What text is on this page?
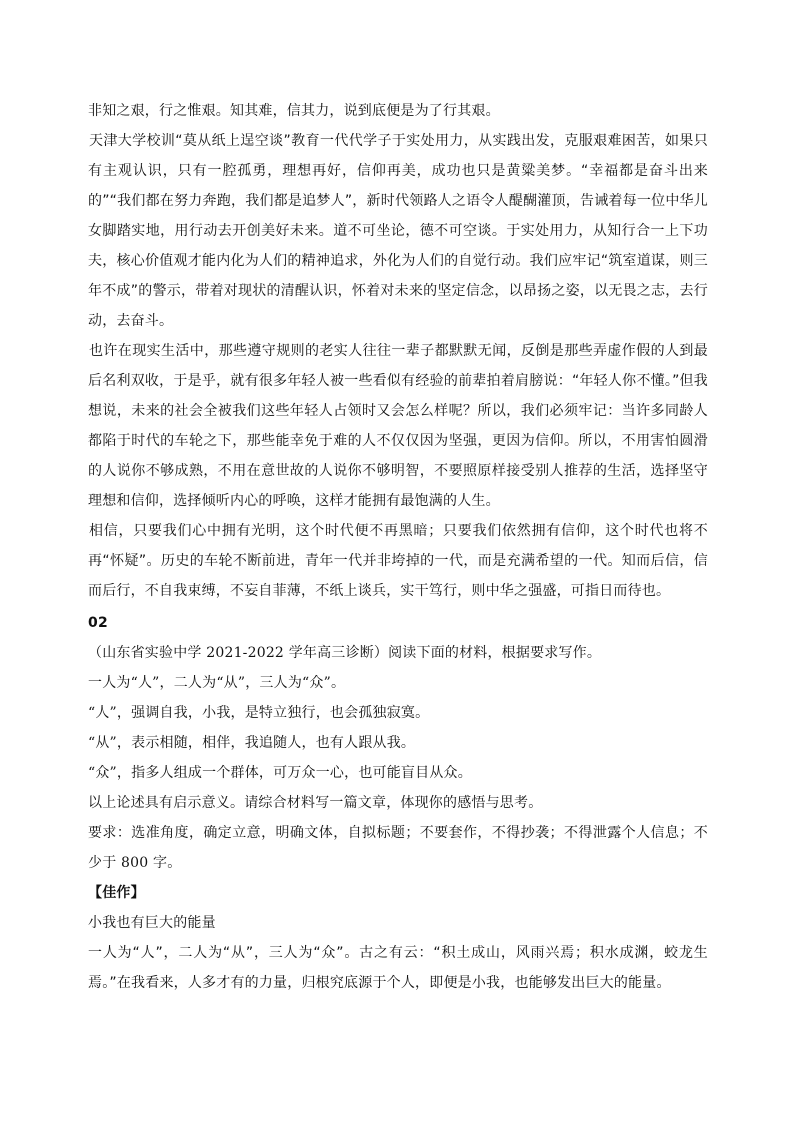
非知之艰，行之惟艰。知其难，信其力，说到底便是为了行其艰。

天津大学校训“莫从纸上逞空谈”教育一代代学子于实处用力，从实践出发，克服艰难困苦，如果只有主观认识，只有一腔孤勇，理想再好，信仰再美，成功也只是黄粱美梦。“幸福都是奋斗出来的”“我们都在努力奔跑，我们都是追梦人”，新时代领路人之语令人醍醐灌顶，告诫着每一位中华儿女脚踏实地，用行动去开创美好未来。道不可坐论，德不可空谈。于实处用力，从知行合一上下功夫，核心价值观才能内化为人们的精神追求，外化为人们的自觉行动。我们应牢记“筑室道谋，则三年不成”的警示，带着对现状的清醒认识，怀着对未来的坚定信念，以昂扬之姿，以无畏之志，去行动，去奋斗。

也许在现实生活中，那些遵守规则的老实人往往一辈子都默默无闻，反倒是那些弄虚作假的人到最后名利双收，于是乎，就有很多年轻人被一些看似有经验的前辈拍着肩膀说：“年轻人你不懂。”但我想说，未来的社会全被我们这些年轻人占领时又会怎么样呢？所以，我们必须牢记：当许多同龄人都陷于时代的车轮之下，那些能幸免于难的人不仅仅因为坚强，更因为信仰。所以，不用害怕圆滑的人说你不够成熟，不用在意世故的人说你不够明智，不要照原样接受别人推荐的生活，选择坚守理想和信仰，选择倾听内心的呼唤，这样才能拥有最饱满的人生。

相信，只要我们心中拥有光明，这个时代便不再黑暗；只要我们依然拥有信仰，这个时代也将不再“怀疑”。历史的车轮不断前进，青年一代并非垮掉的一代，而是充满希望的一代。知而后信，信而后行，不自我束缚，不妄自菲薄，不纸上谈兵，实干笃行，则中华之强盛，可指日而待也。

02

（山东省实验中学 2021-2022 学年高三诊断）阅读下面的材料，根据要求写作。

一人为“人”，二人为“从”，三人为“众”。

“人”，强调自我，小我，是特立独行，也会孤独寂寞。

“从”，表示相随，相伴，我追随人，也有人跟从我。

“众”，指多人组成一个群体，可万众一心，也可能盲目从众。

以上论述具有启示意义。请综合材料写一篇文章，体现你的感悟与思考。

要求：选准角度，确定立意，明确文体，自拟标题；不要套作，不得抄袭；不得泄露个人信息；不少于 800 字。

【佳作】

小我也有巨大的能量

一人为“人”，二人为“从”，三人为“众”。古之有云：“积土成山，风雨兴焉；积水成渊，蛟龙生焉。”在我看来，人多才有的力量，归根究底源于个人，即便是小我，也能够发出巨大的能量。
